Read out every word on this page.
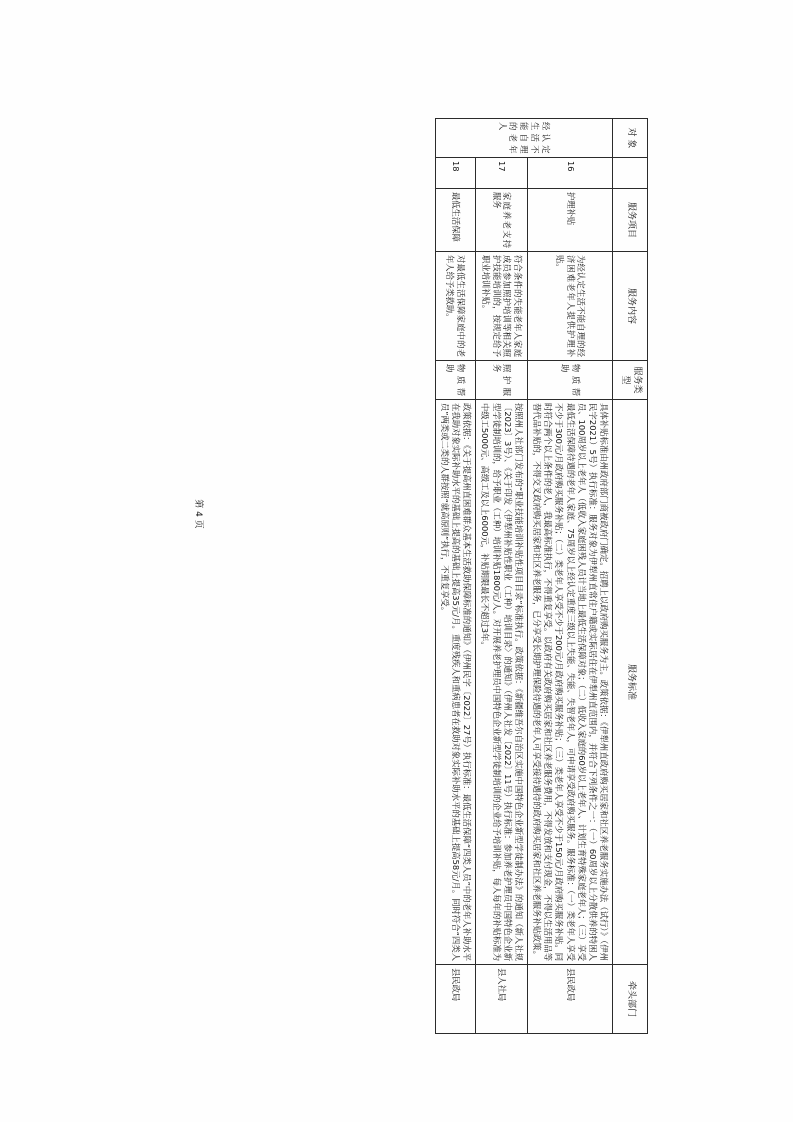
对 象		服务项目	服务内容	服务类型	服务标准	牵头部门
经认定生活不能自理的老年人	16	护理补贴	为经认定生活不能自理的经济困难老年人提供护理补贴。	物质帮助	具体补贴标准由州政府部门商被政府门确定。招聘上以政府购买服务为主。政策依据：《伊犁州直政府购买居家和社区养老服务实施办法（试行）》（伊州民字2021）5号）执行标准：服务对象为伊犁州直常住户籍或实际居住在伊犁州直范围内，并符合下列条件之一：（一）60周岁以上分散供养的特困人员、100周岁以上老年人（低收入家庭困残人员计当地上最低生活保障对象；（二）低收入家庭的60岁以上老年人、计划生育特殊家庭老年人；（三）享受最低生活保障待遇的老年人家庭、75周岁以上经认定重度三级以上失能、失能、失智老年人，可申请享受政府购买服务。服务标准：（一）类老年人享受不少于300元/月政府购买服务补贴；（二）类老年人享受不少于200元/月政府购买服务补贴；（三）类老年人享受不少于150元/月政府购买服务补贴。同时符合两个以上条件的老人，我最高标准执行，不得重复享受。以政府有关政府购买居家和社区养老服务费用，不得发放和支付现金，不得以生活用品等替代品补贴的，不得交叉政府购买居家和社区养老服务，已分享受长期护理保险待遇的老年人可享受接待遇待的政府购买居家和社区养老服务补贴政策。	县民政局
	17	家庭养老支持服务	符合条件的失能老年人家庭成员参加照护培训等相关照护技能培训的，按规定给予职业培训补贴。	照护服务	按照州人社部门发布的“职业技能培训补贴性项目目录”标准执行。政策依据：《新疆维吾尔自治区实施中国特色企业新型学徒制办法》的通知（新人社规〔2023〕3号）、《关于印发〈伊犁州补贴性职业（工种）培训目录〉的通知》（伊州人社发〔2022〕11号）执行标准：参加养老护理员中国特色企业新型学徒制培训的，给予职业（工种）培训补贴1800元/人。对开展养老护理员中国特色企业新型学徒制培训的企业给予培训补贴，每人每年的补贴标准为中级工5000元、高级工及以上6000元，补贴期限最长不超过3年。	县人社局
	18	最低生活保障	对最低生活保障家庭中的老年人给予类救助。	物质帮助	政策依据：《关于提高州直困难群众基本生活救助保障标准的通知》（伊州民字〔2022〕27号）执行标准：最低生活保障“四类人员”中的老年人补助水平在我助对象实际补助水平的基础上提高的基础上提高35元/月。重度残疾人和重病患者在救助对象实际补助水平的基础上提高58元/月。同时符合“四类人员”两类或二类的人群按照“就高原则”执行，不重复享受。	县民政局
第 4 页
